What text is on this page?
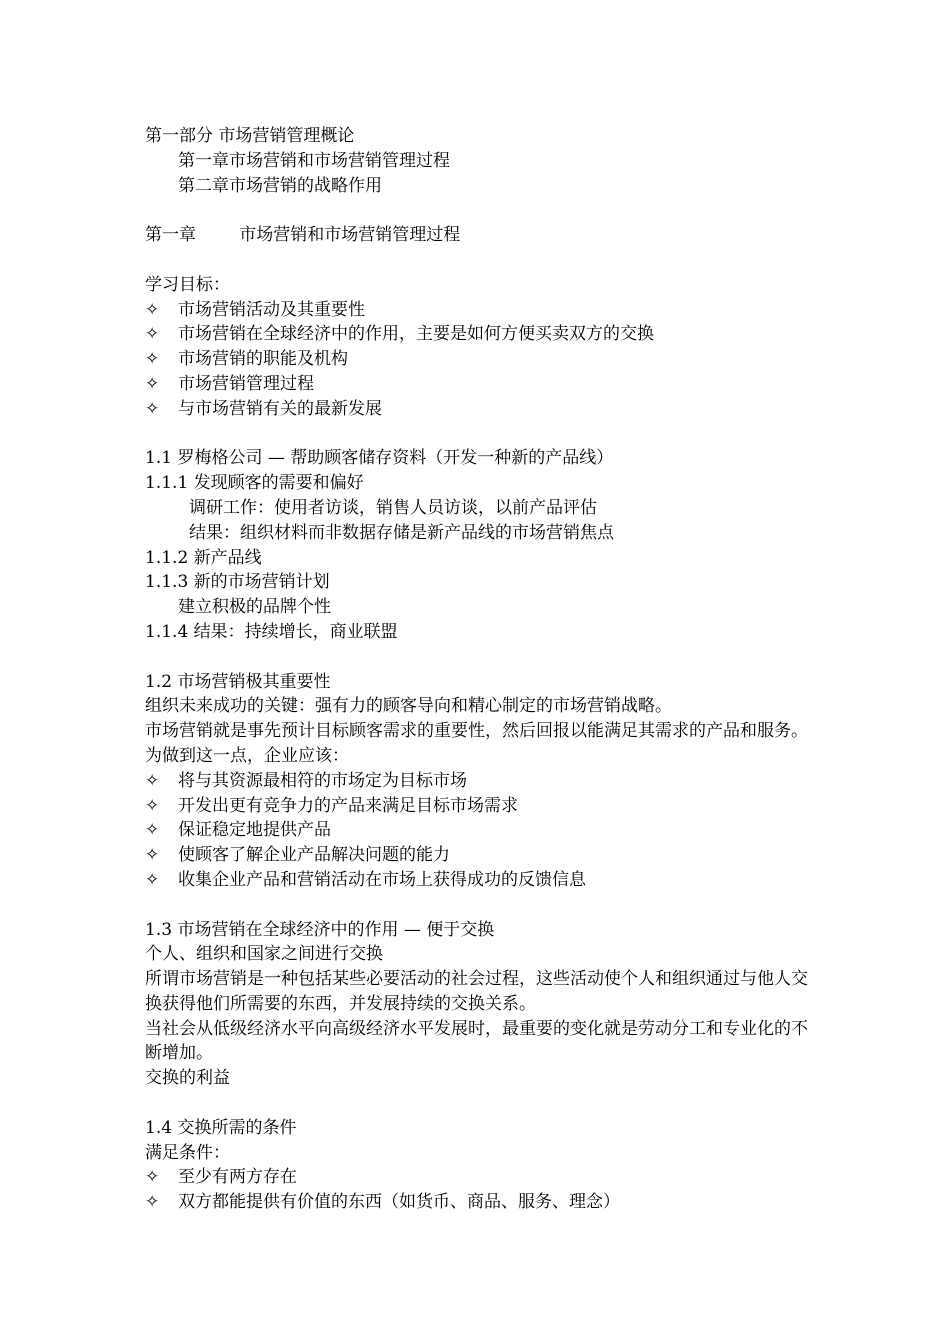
第一部分 市场营销管理概论
第一章市场营销和市场营销管理过程
第二章市场营销的战略作用
第一章        市场营销和市场营销管理过程
学习目标：
✧	市场营销活动及其重要性
✧	市场营销在全球经济中的作用，主要是如何方便买卖双方的交换
✧	市场营销的职能及机构
✧	市场营销管理过程
✧	与市场营销有关的最新发展
1.1 罗梅格公司 — 帮助顾客储存资料（开发一种新的产品线）
1.1.1 发现顾客的需要和偏好
调研工作：使用者访谈，销售人员访谈，以前产品评估
结果：组织材料而非数据存储是新产品线的市场营销焦点
1.1.2 新产品线
1.1.3 新的市场营销计划
建立积极的品牌个性
1.1.4 结果：持续增长，商业联盟
1.2 市场营销极其重要性
组织未来成功的关键：强有力的顾客导向和精心制定的市场营销战略。
市场营销就是事先预计目标顾客需求的重要性，然后回报以能满足其需求的产品和服务。为做到这一点，企业应该：
✧	将与其资源最相符的市场定为目标市场
✧	开发出更有竞争力的产品来满足目标市场需求
✧	保证稳定地提供产品
✧	使顾客了解企业产品解决问题的能力
✧	收集企业产品和营销活动在市场上获得成功的反馈信息
1.3 市场营销在全球经济中的作用 — 便于交换
个人、组织和国家之间进行交换
所谓市场营销是一种包括某些必要活动的社会过程，这些活动使个人和组织通过与他人交换获得他们所需要的东西，并发展持续的交换关系。
当社会从低级经济水平向高级经济水平发展时，最重要的变化就是劳动分工和专业化的不断增加。
交换的利益
1.4 交换所需的条件
满足条件：
✧	至少有两方存在
✧	双方都能提供有价值的东西（如货币、商品、服务、理念）
